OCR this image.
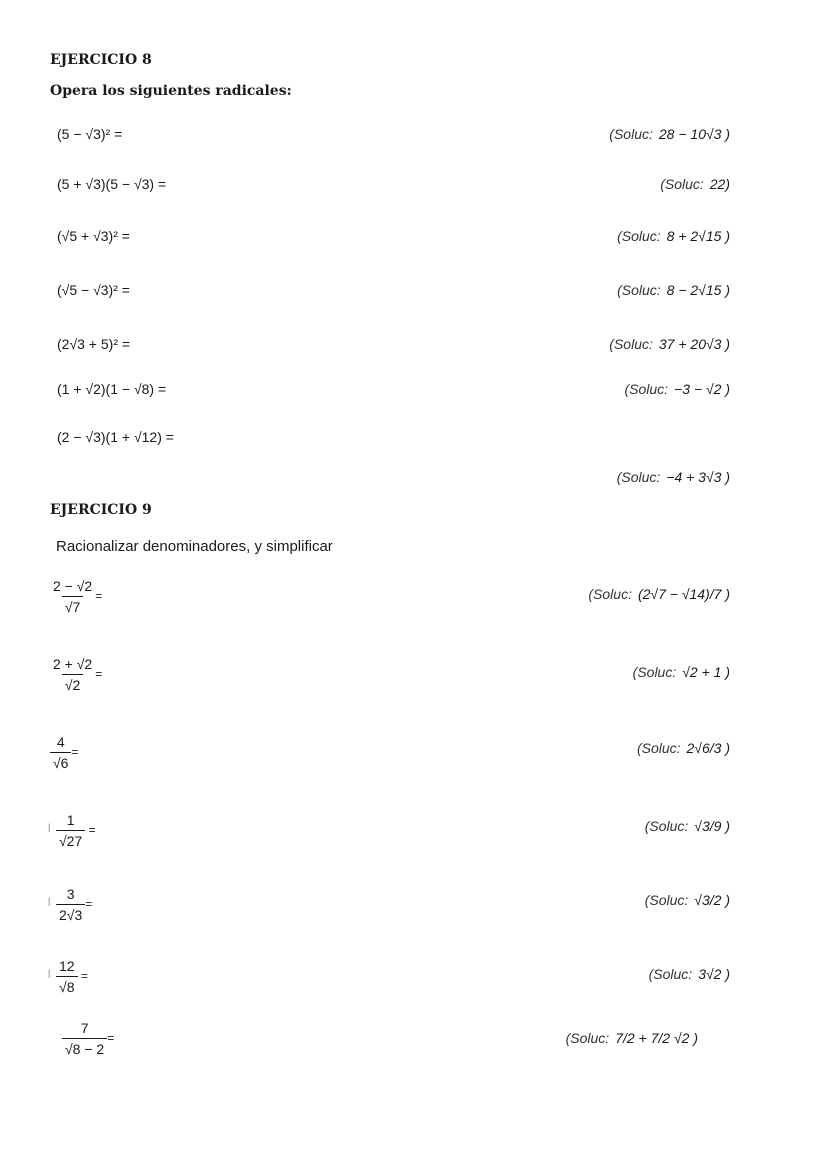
EJERCICIO 8
Opera los siguientes radicales:
(5 − √3)² =	(Soluc: 28 − 10√3 )
(5 + √3)(5 − √3) =	(Soluc: 22)
(√5 + √3)² =	(Soluc: 8 + 2√15 )
(√5 − √3)² =	(Soluc: 8 − 2√15 )
(2√3 + 5)² =	(Soluc: 37 + 20√3 )
(1 + √2)(1 − √8) =	(Soluc: −3 − √2 )
(2 − √3)(1 + √12) =
(Soluc: −4 + 3√3 )
EJERCICIO 9
Racionalizar denominadores, y simplificar
$\frac{2 - √2}{√7}$ =	(Soluc: (2√7 − √14)/7 )
$\frac{2 + √2}{√2}$ =	(Soluc: √2 + 1 )
$\frac{4}{√6}$ =	(Soluc: 2√6/3 )
| $\frac{1}{√27}$ =	(Soluc: √3/9 )
| $\frac{3}{2√3}$ =	(Soluc: √3/2 )
| $\frac{12}{√8}$ =	(Soluc: 3√2 )
$\frac{7}{√8 - 2}$ =	(Soluc: 7/2 + 7/2 √2 )
